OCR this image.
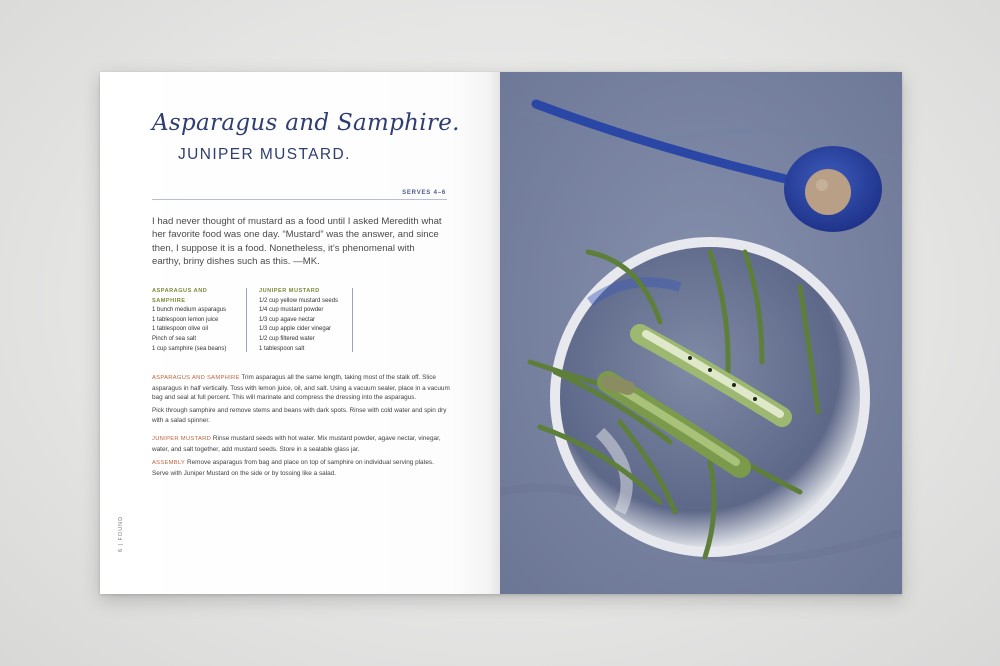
Asparagus and Samphire.
JUNIPER MUSTARD.
SERVES 4–6

I had never thought of mustard as a food until I asked Meredith what her favorite food was one day. “Mustard” was the answer, and since then, I suppose it is a food. Nonetheless, it’s phenomenal with earthy, briny dishes such as this. —MK.

ASPARAGUS AND SAMPHIRE
1 bunch medium asparagus
1 tablespoon lemon juice
1 tablespoon olive oil
Pinch of sea salt
1 cup samphire (sea beans)
JUNIPER MUSTARD
1/2 cup yellow mustard seeds
1/4 cup mustard powder
1/3 cup agave nectar
1/3 cup apple cider vinegar
1/2 cup filtered water
1 tablespoon salt

ASPARAGUS AND SAMPHIRE Trim asparagus all the same length, taking most of the stalk off. Slice asparagus in half vertically. Toss with lemon juice, oil, and salt. Using a vacuum sealer, place in a vacuum bag and seal at full percent. This will marinate and compress the dressing into the asparagus.

Pick through samphire and remove stems and beans with dark spots. Rinse with cold water and spin dry with a salad spinner.

JUNIPER MUSTARD Rinse mustard seeds with hot water. Mix mustard powder, agave nectar, vinegar, water, and salt together, add mustard seeds. Store in a sealable glass jar.

ASSEMBLY Remove asparagus from bag and place on top of samphire on individual serving plates. Serve with Juniper Mustard on the side or by tossing like a salad.

6 | FOUND
